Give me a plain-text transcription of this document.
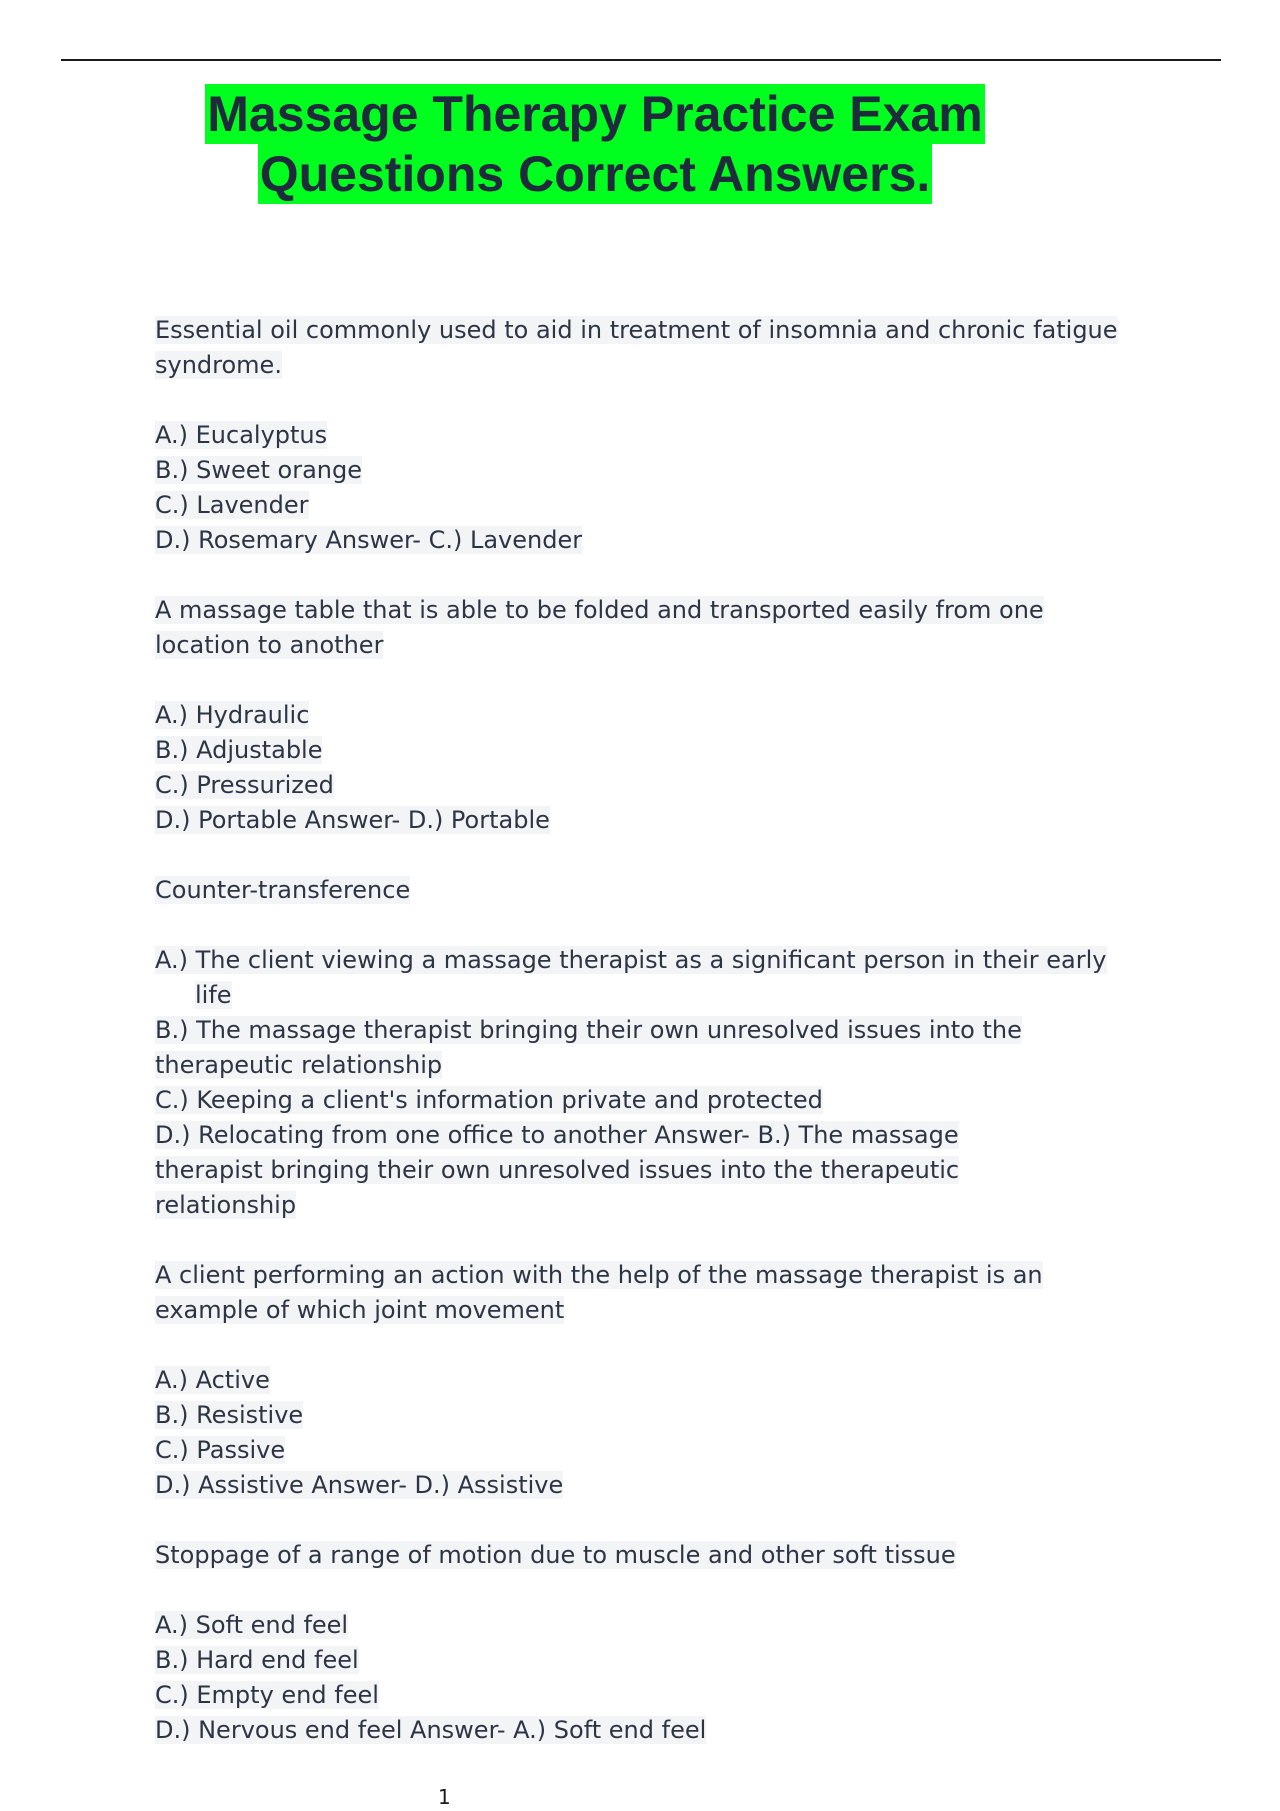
Massage Therapy Practice Exam
Questions Correct Answers.
Essential oil commonly used to aid in treatment of insomnia and chronic fatigue syndrome.
A.) Eucalyptus
B.) Sweet orange
C.) Lavender
D.) Rosemary Answer- C.) Lavender
A massage table that is able to be folded and transported easily from one location to another
A.) Hydraulic
B.) Adjustable
C.) Pressurized
D.) Portable Answer- D.) Portable
Counter-transference
A.) The client viewing a massage therapist as a significant person in their early life
B.) The massage therapist bringing their own unresolved issues into the therapeutic relationship
C.) Keeping a client's information private and protected
D.) Relocating from one office to another Answer- B.) The massage therapist bringing their own unresolved issues into the therapeutic relationship
A client performing an action with the help of the massage therapist is an example of which joint movement
A.) Active
B.) Resistive
C.) Passive
D.) Assistive Answer- D.) Assistive
Stoppage of a range of motion due to muscle and other soft tissue
A.) Soft end feel
B.) Hard end feel
C.) Empty end feel
D.) Nervous end feel Answer- A.) Soft end feel
1
